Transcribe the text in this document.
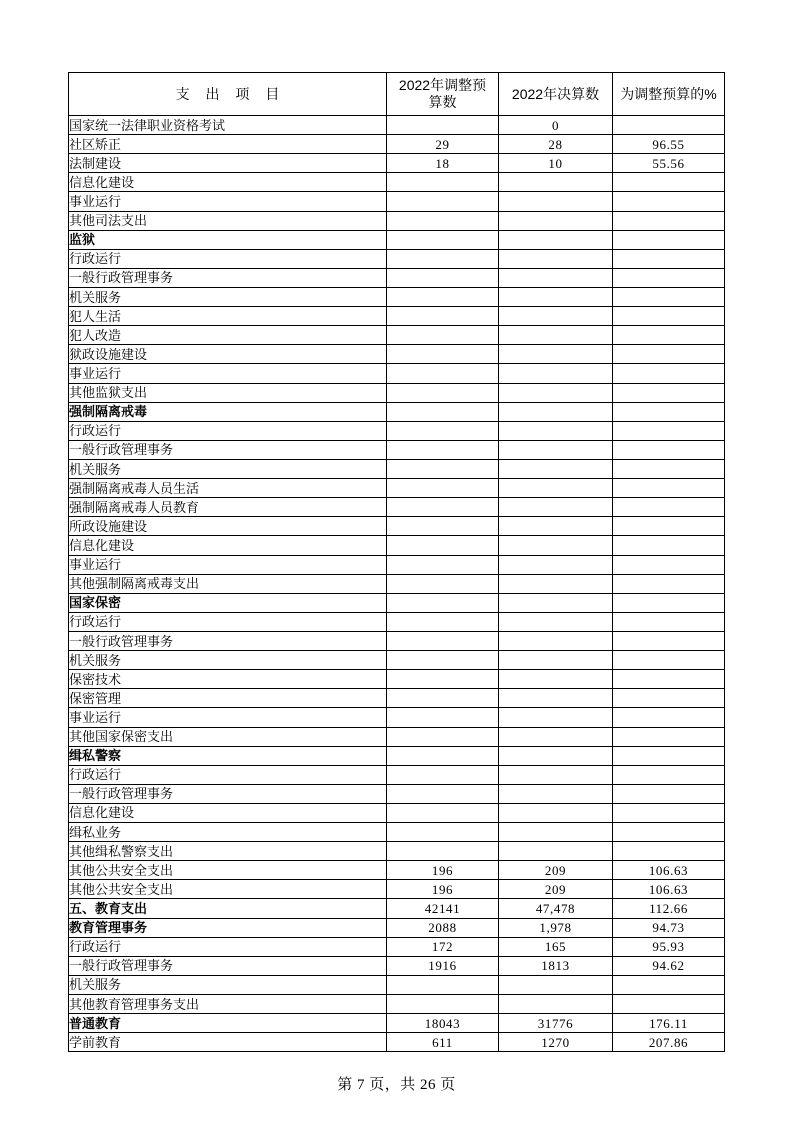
支 出 项 目	2022年调整预算数	2022年决算数	为调整预算的%
国家统一法律职业资格考试		0	
社区矫正	29	28	96.55
法制建设	18	10	55.56
信息化建设			
事业运行			
其他司法支出			
监狱			
行政运行			
一般行政管理事务			
机关服务			
犯人生活			
犯人改造			
狱政设施建设			
事业运行			
其他监狱支出			
强制隔离戒毒			
行政运行			
一般行政管理事务			
机关服务			
强制隔离戒毒人员生活			
强制隔离戒毒人员教育			
所政设施建设			
信息化建设			
事业运行			
其他强制隔离戒毒支出			
国家保密			
行政运行			
一般行政管理事务			
机关服务			
保密技术			
保密管理			
事业运行			
其他国家保密支出			
缉私警察			
行政运行			
一般行政管理事务			
信息化建设			
缉私业务			
其他缉私警察支出			
其他公共安全支出	196	209	106.63
其他公共安全支出	196	209	106.63
五、教育支出	42141	47,478	112.66
教育管理事务	2088	1,978	94.73
行政运行	172	165	95.93
一般行政管理事务	1916	1813	94.62
机关服务			
其他教育管理事务支出			
普通教育	18043	31776	176.11
学前教育	611	1270	207.86
第 7 页，共 26 页
